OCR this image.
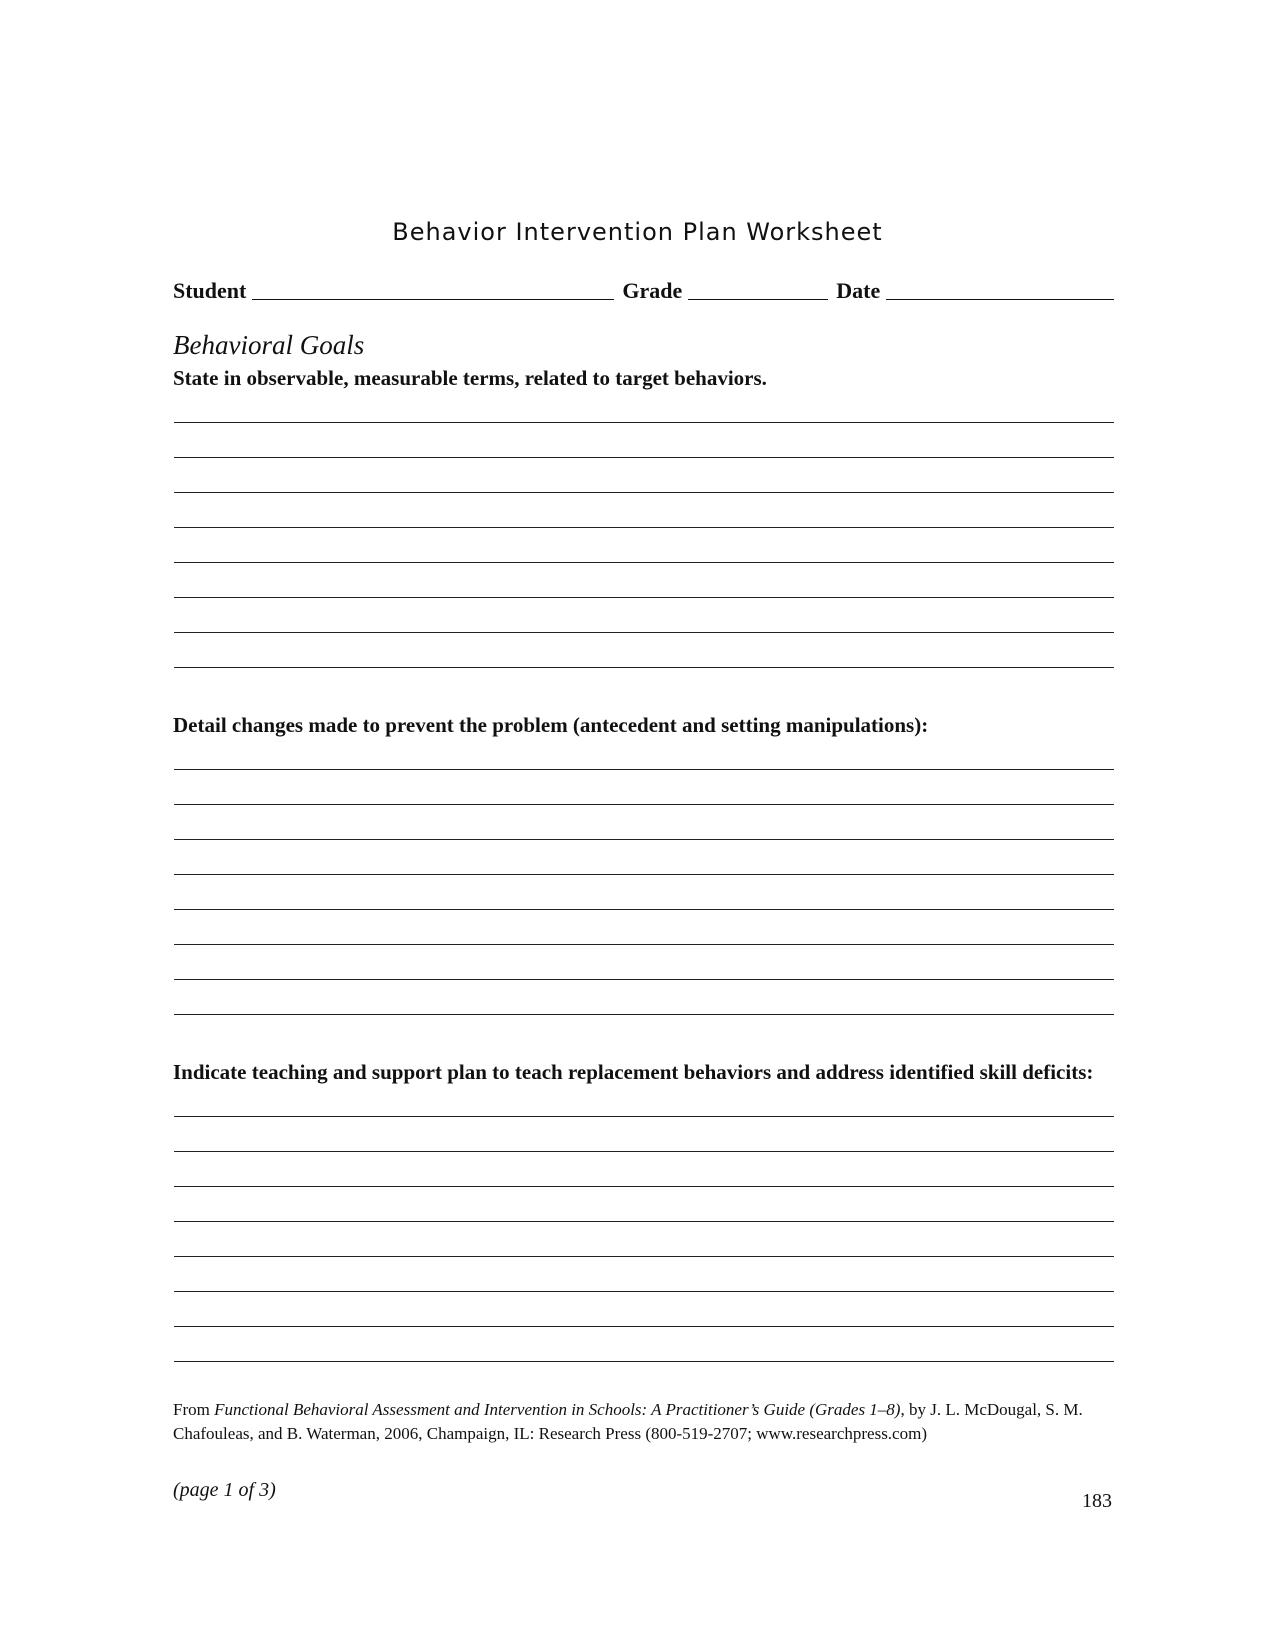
Behavior Intervention Plan Worksheet
Student	Grade	Date
Behavioral Goals
State in observable, measurable terms, related to target behaviors.
Detail changes made to prevent the problem (antecedent and setting manipulations):
Indicate teaching and support plan to teach replacement behaviors and address identified skill deficits:
From Functional Behavioral Assessment and Intervention in Schools: A Practitioner’s Guide (Grades 1–8), by J. L. McDougal, S. M. Chafouleas, and B. Waterman, 2006, Champaign, IL: Research Press (800-519-2707; www.researchpress.com)
(page 1 of 3)	183
